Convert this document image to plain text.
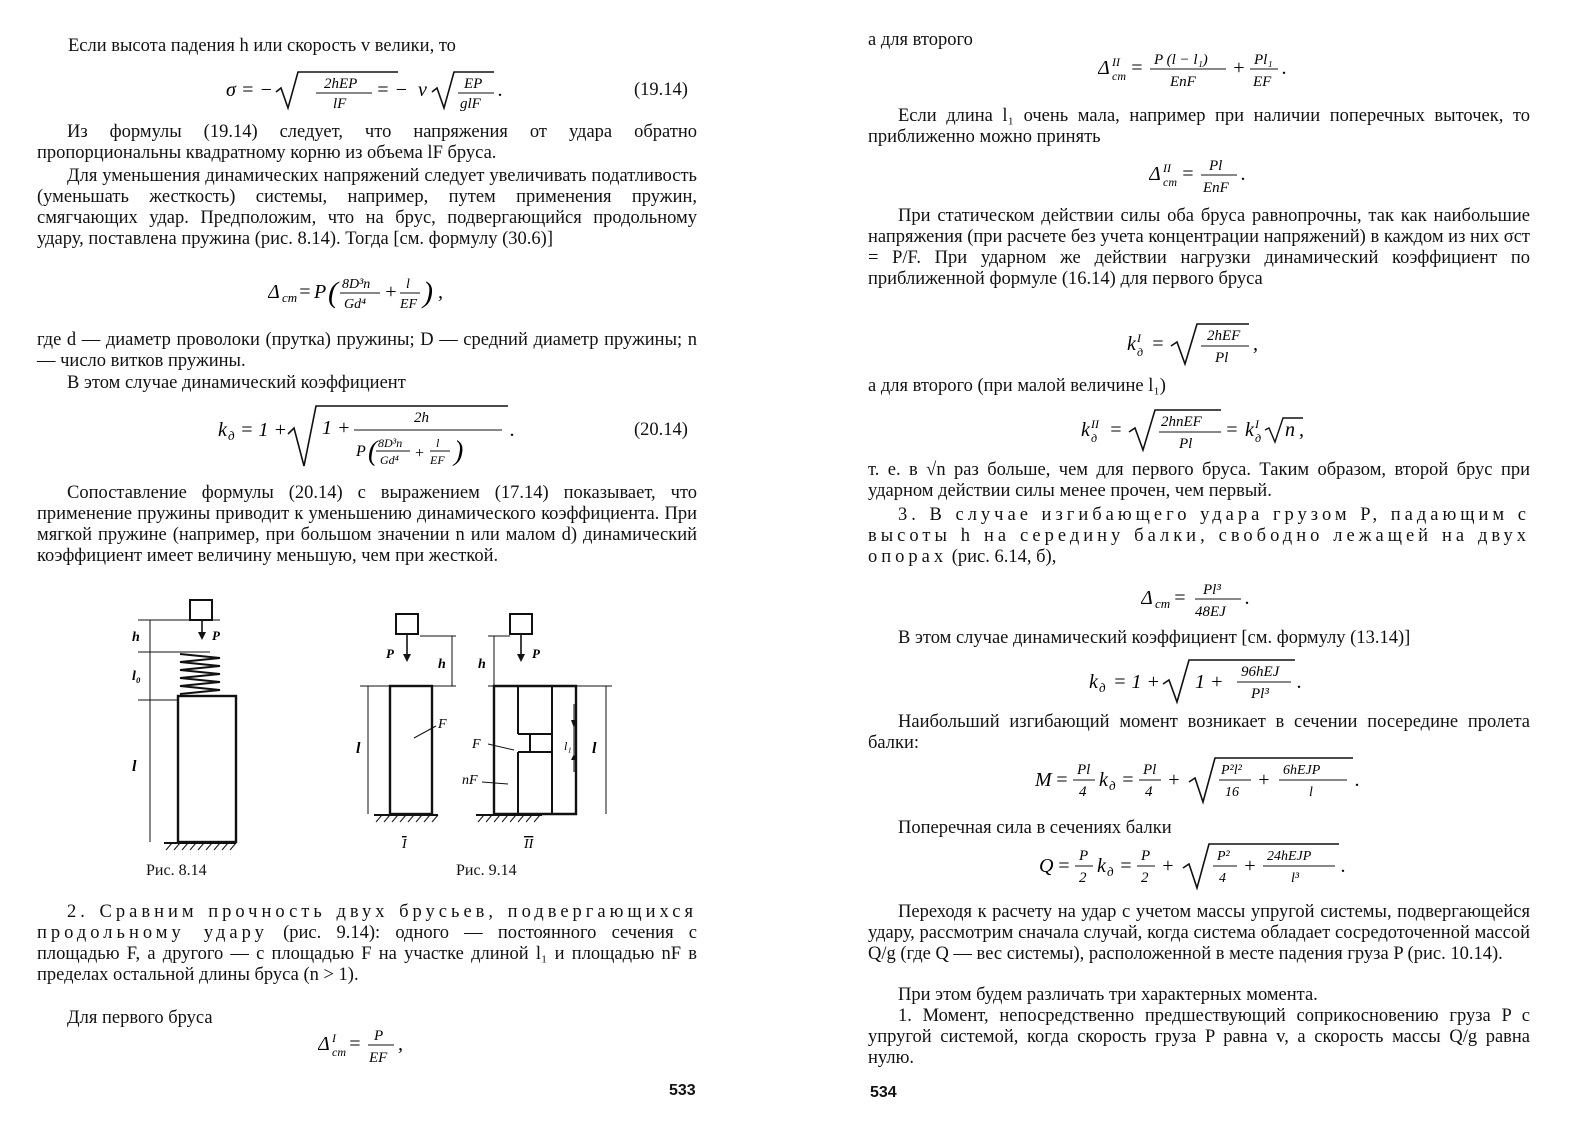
Если высота падения h или скорость v велики, то
σ = −	2hEP
lF
= − v EP
glF
.	(19.14)
Из формулы (19.14) следует, что напряжения от удара обратно пропорциональны квадратному корню из объема lF бруса.
Для уменьшения динамических напряжений следует увеличивать податливость (уменьшать жесткость) системы, например, путем применения пружин, смягчающих удар. Предположим, что на брус, подвергающийся продольному удару, поставлена пружина (рис. 8.14). Тогда [см. формулу (30.6)]
Δ ст = P ( 8D³n
Gd⁴
+ l
EF ) ,
где d — диаметр проволоки (прутка) пружины; D — средний диаметр пружины; n — число витков пружины.
В этом случае динамический коэффициент
k д = 1 + 1 +	2h
P ( 8D³n
Gd⁴ +
l
EF )
.	(20.14)
Сопоставление формулы (20.14) с выражением (17.14) показывает, что применение пружины приводит к уменьшению динамического коэффициента. При мягкой пружине (например, при большом значении n или малом d) динамический коэффициент имеет величину меньшую, чем при жесткой.
P
h
l₀
l
Рис. 8.14
P
h
l
F
I
P
h
l₁ l
F
nF
II
Рис. 9.14
2. Сравним прочность двух брусьев, подвергающихся продольному удару (рис. 9.14): одного — постоянного сечения с площадью F, а другого — с площадью F на участке длиной l₁ и площадью nF в пределах остальной длины бруса (n > 1).
Для первого бруса
Δ I
ст = P
EF
,
533
а для второго
Δ II
ст = P (l − l₁)
EnF
+ Pl₁
EF
.
Если длина l₁ очень мала, например при наличии поперечных выточек, то приближенно можно принять
Δ II
ст = Pl
EnF
.
При статическом действии силы оба бруса равнопрочны, так как наибольшие напряжения (при расчете без учета концентрации напряжений) в каждом из них σст = P/F. При ударном же действии нагрузки динамический коэффициент по приближенной формуле (16.14) для первого бруса
k I
д =	2hEF
Pl
,
а для второго (при малой величине l₁)
k II
д =	2hnEF
Pl
= k I
д n ,
т. е. в √n раз больше, чем для первого бруса. Таким образом, второй брус при ударном действии силы менее прочен, чем первый.
3. В случае изгибающего удара грузом P, падающим с высоты h на середину балки, свободно лежащей на двух опорах (рис. 6.14, б),
Δ ст = Pl³
48EJ
.
В этом случае динамический коэффициент [см. формулу (13.14)]
k д = 1 + 1 + 96hEJ
Pl³
.
Наибольший изгибающий момент возникает в сечении посередине пролета балки:
M = Pl
4
k д = Pl
4
+	P²l²
16
+ 6hEJP
l
.
Поперечная сила в сечениях балки
Q = P
2
k д = P
2
+	P²
4
+ 24hEJP
l³
.
Переходя к расчету на удар с учетом массы упругой системы, подвергающейся удару, рассмотрим сначала случай, когда система обладает сосредоточенной массой Q/g (где Q — вес системы), расположенной в месте падения груза P (рис. 10.14).
При этом будем различать три характерных момента.
1. Момент, непосредственно предшествующий соприкосновению груза P с упругой системой, когда скорость груза P равна v, а скорость массы Q/g равна нулю.
534
